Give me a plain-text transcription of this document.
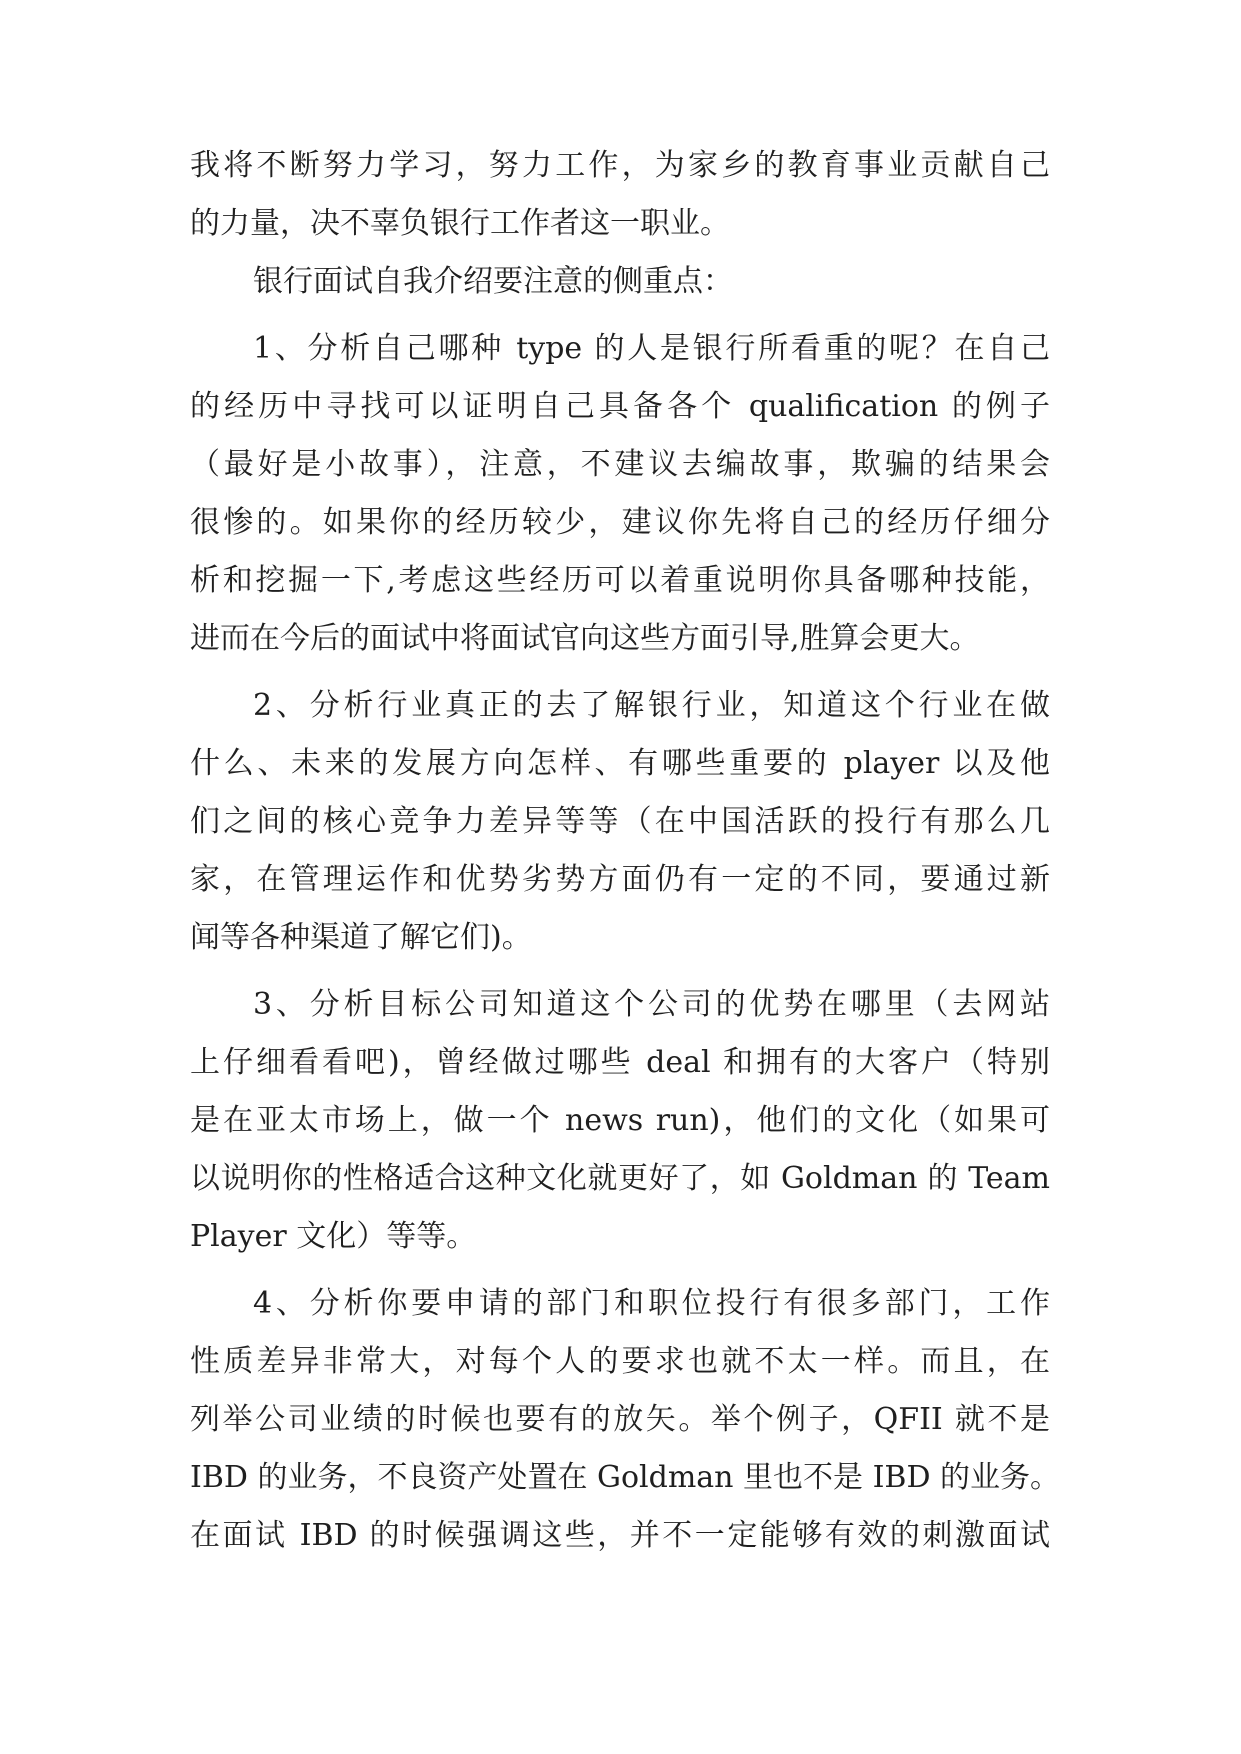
我将不断努力学习，努力工作，为家乡的教育事业贡献自己
的力量，决不辜负银行工作者这一职业。
银行面试自我介绍要注意的侧重点：
1、分析自己哪种 type 的人是银行所看重的呢？在自己
的经历中寻找可以证明自己具备各个 qualification 的例子
（最好是小故事），注意，不建议去编故事，欺骗的结果会
很惨的。如果你的经历较少，建议你先将自己的经历仔细分
析和挖掘一下,考虑这些经历可以着重说明你具备哪种技能，
进而在今后的面试中将面试官向这些方面引导,胜算会更大。
2、分析行业真正的去了解银行业，知道这个行业在做
什么、未来的发展方向怎样、有哪些重要的 player 以及他
们之间的核心竞争力差异等等（在中国活跃的投行有那么几
家，在管理运作和优势劣势方面仍有一定的不同，要通过新
闻等各种渠道了解它们)。
3、分析目标公司知道这个公司的优势在哪里（去网站
上仔细看看吧)，曾经做过哪些 deal 和拥有的大客户（特别
是在亚太市场上，做一个 news run)，他们的文化（如果可
以说明你的性格适合这种文化就更好了，如 Goldman 的 Team
Player 文化）等等。
4、分析你要申请的部门和职位投行有很多部门，工作
性质差异非常大，对每个人的要求也就不太一样。而且，在
列举公司业绩的时候也要有的放矢。举个例子，QFII 就不是
IBD 的业务，不良资产处置在 Goldman 里也不是 IBD 的业务。
在面试 IBD 的时候强调这些，并不一定能够有效的刺激面试
